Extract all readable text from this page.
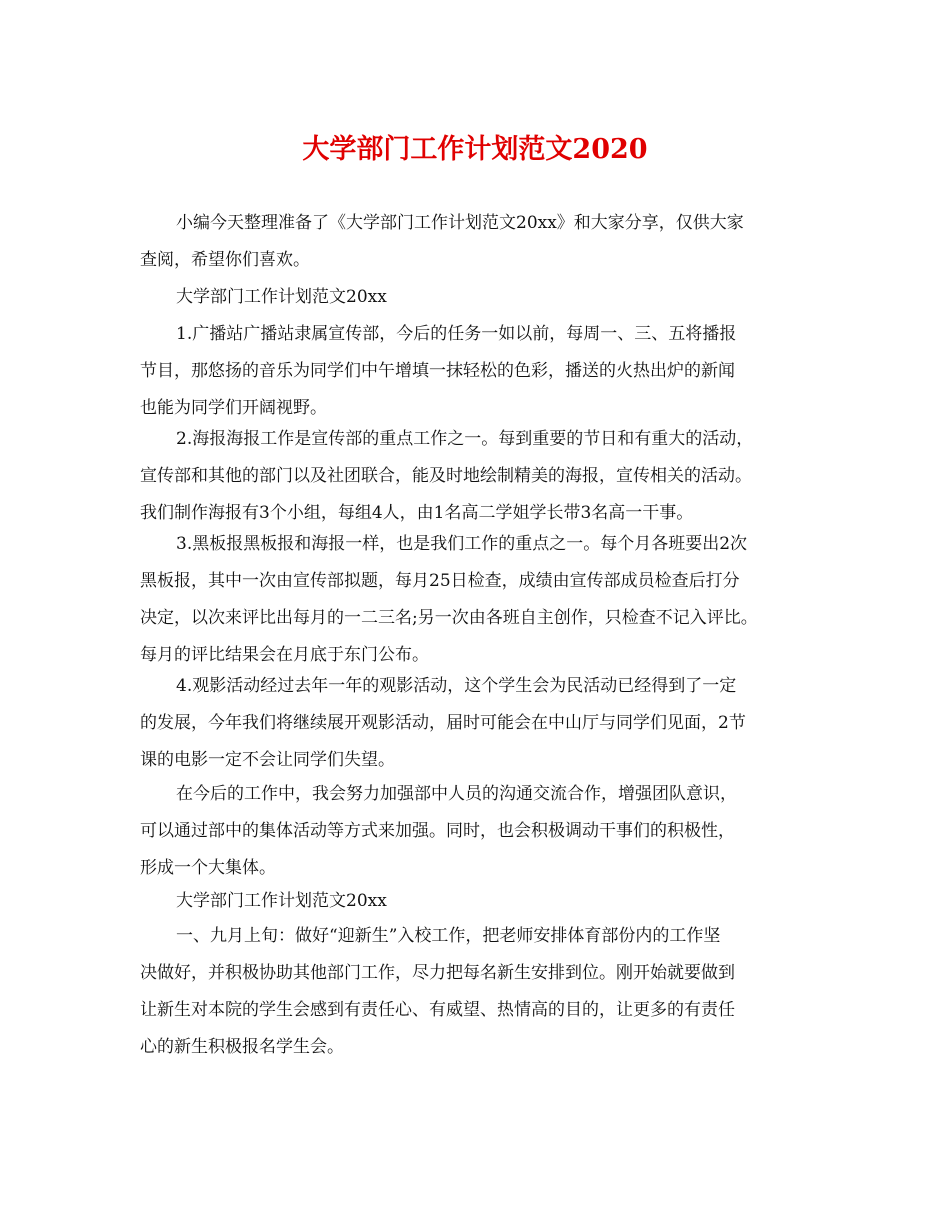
大学部门工作计划范文2020

小编今天整理准备了《大学部门工作计划范文20xx》和大家分享，仅供大家
查阅，希望你们喜欢。

大学部门工作计划范文20xx

1.广播站广播站隶属宣传部，今后的任务一如以前，每周一、三、五将播报
节目，那悠扬的音乐为同学们中午增填一抹轻松的色彩，播送的火热出炉的新闻
也能为同学们开阔视野。

2.海报海报工作是宣传部的重点工作之一。每到重要的节日和有重大的活动，
宣传部和其他的部门以及社团联合，能及时地绘制精美的海报，宣传相关的活动。
我们制作海报有3个小组，每组4人，由1名高二学姐学长带3名高一干事。

3.黑板报黑板报和海报一样，也是我们工作的重点之一。每个月各班要出2次
黑板报，其中一次由宣传部拟题，每月25日检查，成绩由宣传部成员检查后打分
决定，以次来评比出每月的一二三名;另一次由各班自主创作，只检查不记入评比。
每月的评比结果会在月底于东门公布。

4.观影活动经过去年一年的观影活动，这个学生会为民活动已经得到了一定
的发展，今年我们将继续展开观影活动，届时可能会在中山厅与同学们见面，2节
课的电影一定不会让同学们失望。

在今后的工作中，我会努力加强部中人员的沟通交流合作，增强团队意识，
可以通过部中的集体活动等方式来加强。同时，也会积极调动干事们的积极性，
形成一个大集体。

大学部门工作计划范文20xx

一、九月上旬：做好“迎新生”入校工作，把老师安排体育部份内的工作坚
决做好，并积极协助其他部门工作，尽力把每名新生安排到位。刚开始就要做到
让新生对本院的学生会感到有责任心、有威望、热情高的目的，让更多的有责任
心的新生积极报名学生会。
